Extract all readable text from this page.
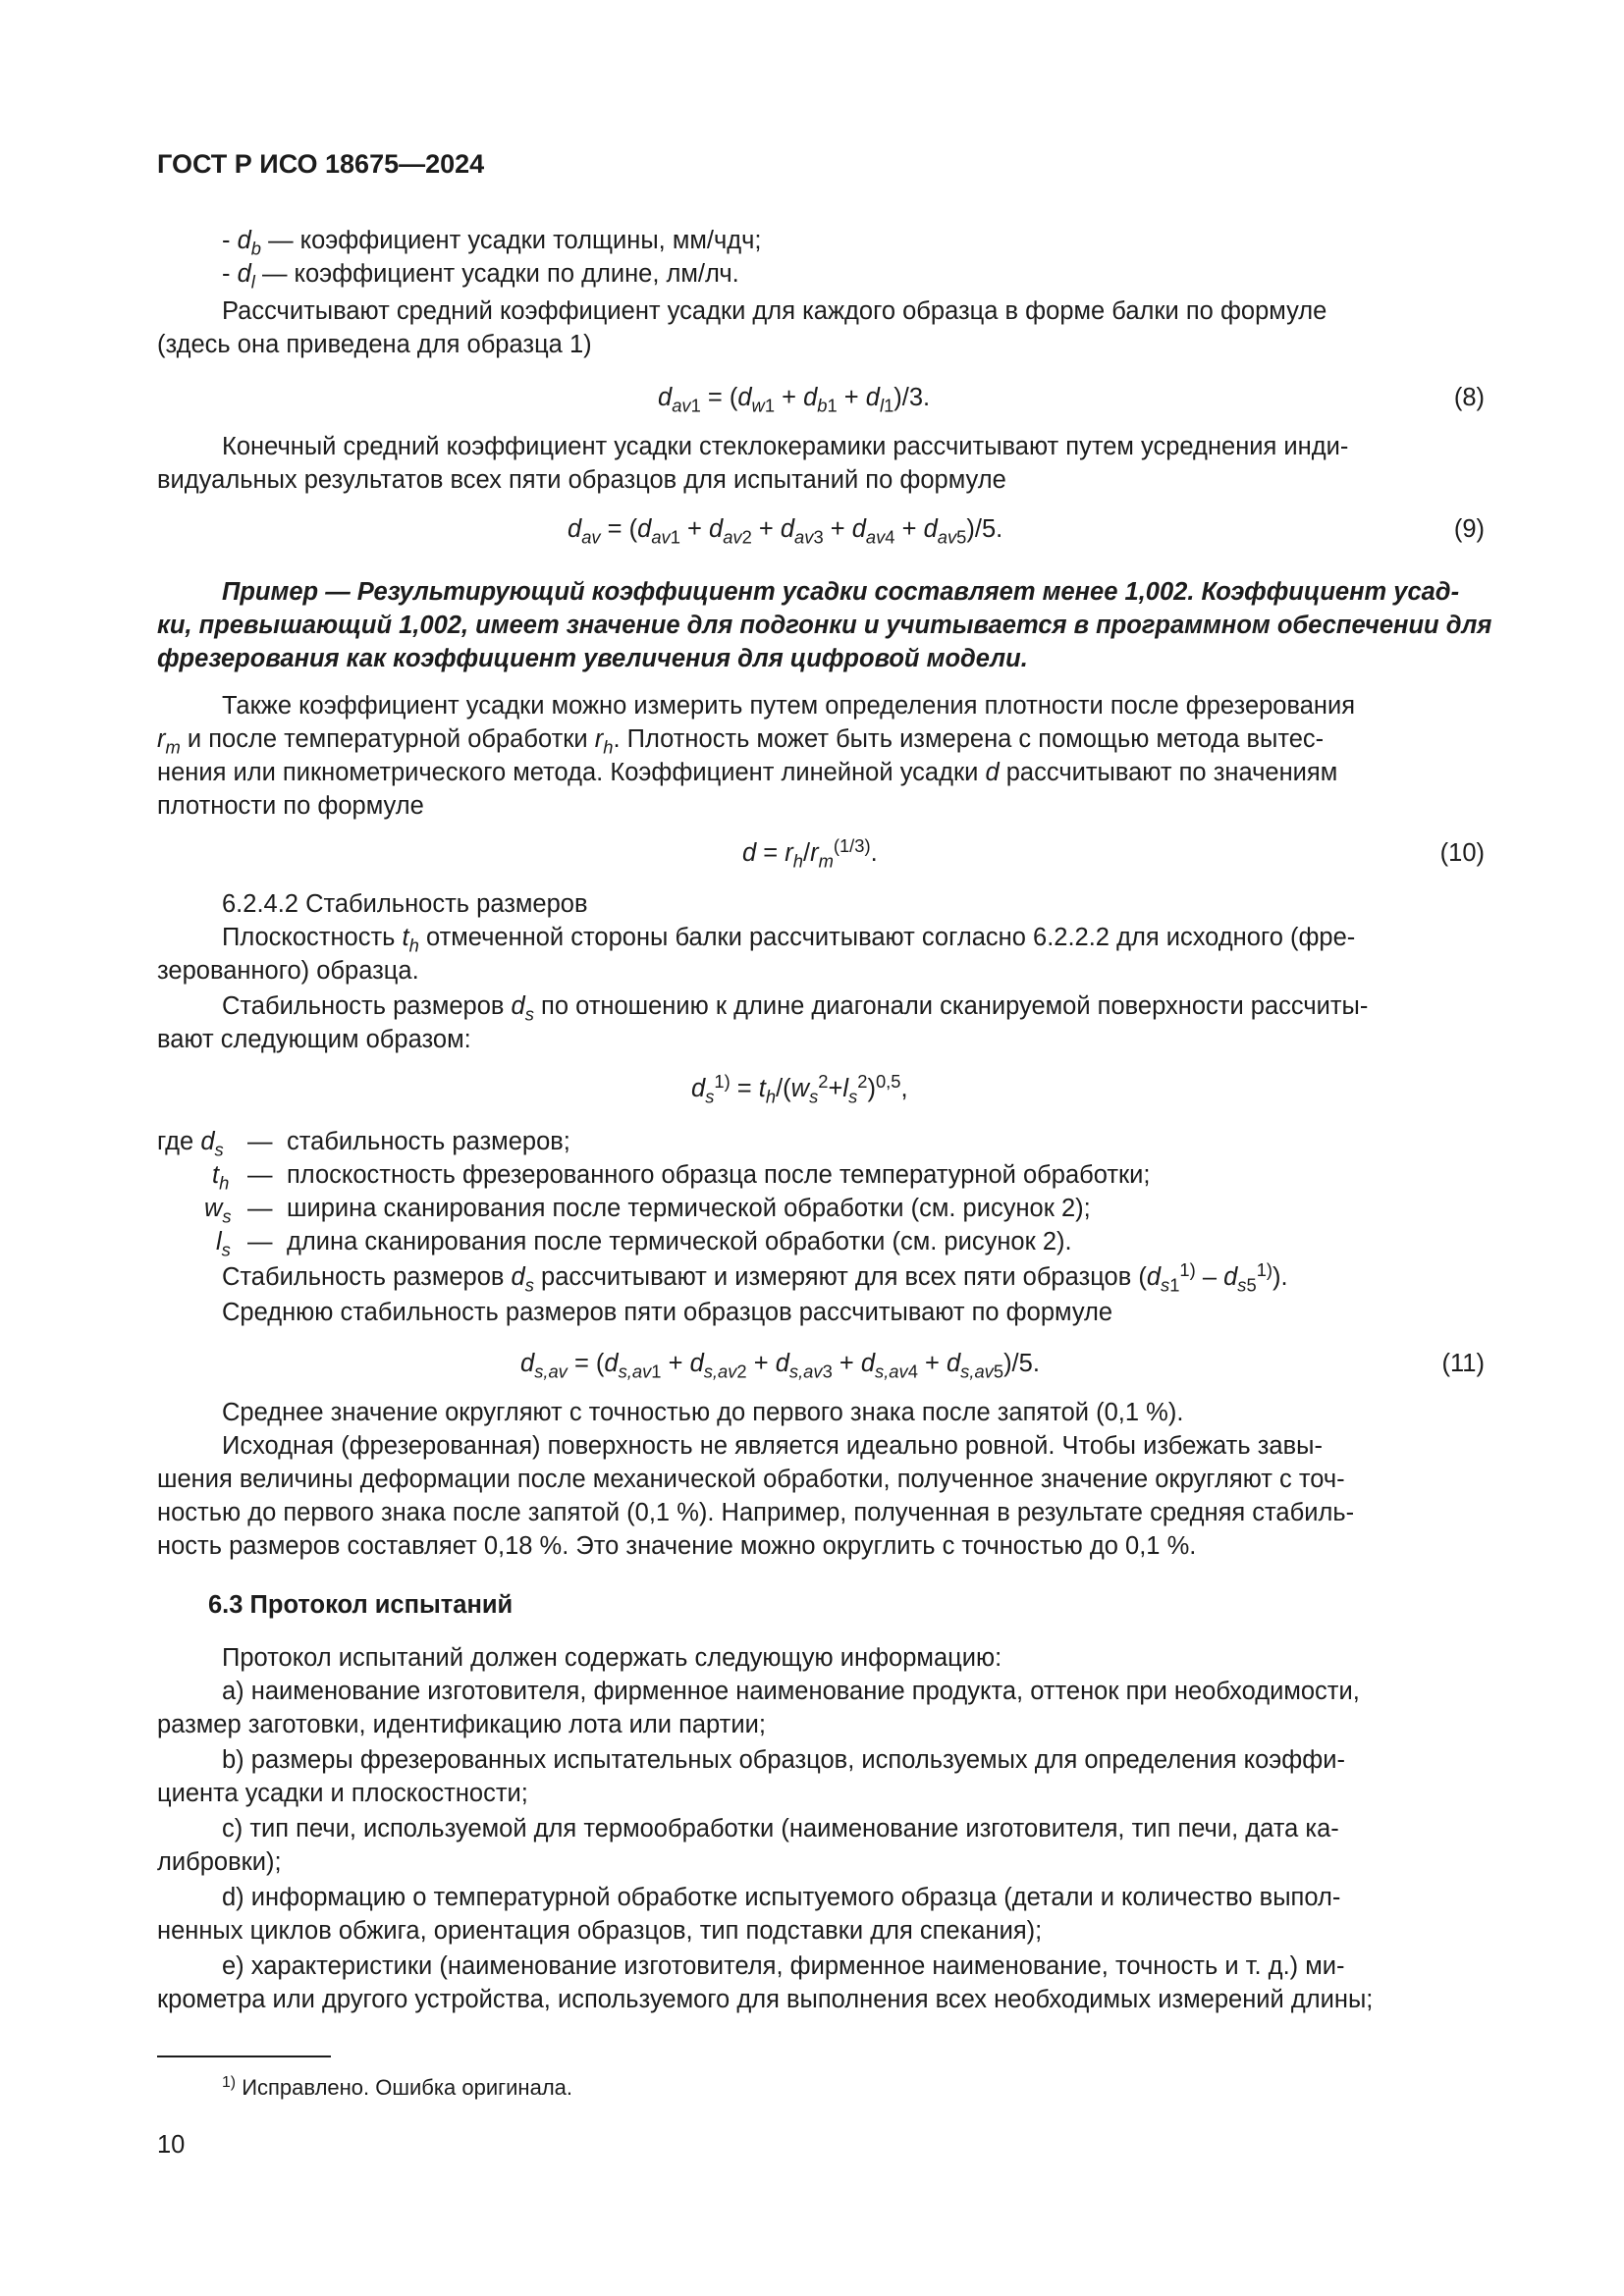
ГОСТ Р ИСО 18675—2024
- $d_b$ — коэффициент усадки толщины, мм/чдч;
- $d_l$ — коэффициент усадки по длине, лм/лч.
Рассчитывают средний коэффициент усадки для каждого образца в форме балки по формуле
(здесь она приведена для образца 1)
$d_{av1} = (d_{w1} + d_{b1} + d_{l1})/3$.	(8)
Конечный средний коэффициент усадки стеклокерамики рассчитывают путем усреднения инди-
видуальных результатов всех пяти образцов для испытаний по формуле
$d_{av} = (d_{av1} + d_{av2} + d_{av3} + d_{av4} + d_{av5})/5$.	(9)
Пример — Результирующий коэффициент усадки составляет менее 1,002. Коэффициент усад-
ки, превышающий 1,002, имеет значение для подгонки и учитывается в программном обеспечении для
фрезерования как коэффициент увеличения для цифровой модели.
Также коэффициент усадки можно измерить путем определения плотности после фрезерования
$r_m$ и после температурной обработки $r_h$. Плотность может быть измерена с помощью метода вытес-
нения или пикнометрического метода. Коэффициент линейной усадки d рассчитывают по значениям
плотности по формуле
$d = r_h/r_m^{(1/3)}$.	(10)
6.2.4.2 Стабильность размеров
Плоскостность $t_h$ отмеченной стороны балки рассчитывают согласно 6.2.2.2 для исходного (фре-
зерованного) образца.
Стабильность размеров $d_s$ по отношению к длине диагонали сканируемой поверхности рассчиты-
вают следующим образом:
$d_s^{1)} = t_h/(w_s^2+l_s^2)^{0,5}$,
где $d_s$ — стабильность размеров;
$t_h$ — плоскостность фрезерованного образца после температурной обработки;
$w_s$ — ширина сканирования после термической обработки (см. рисунок 2);
$l_s$ — длина сканирования после термической обработки (см. рисунок 2).
Стабильность размеров $d_s$ рассчитывают и измеряют для всех пяти образцов $(d_{s1}^{1)} - d_{s5}^{1)})$.
Среднюю стабильность размеров пяти образцов рассчитывают по формуле
$d_{s,av} = (d_{s,av1} + d_{s,av2} + d_{s,av3} + d_{s,av4} + d_{s,av5})/5$.	(11)
Среднее значение округляют с точностью до первого знака после запятой (0,1 %).
Исходная (фрезерованная) поверхность не является идеально ровной. Чтобы избежать завы-
шения величины деформации после механической обработки, полученное значение округляют с точ-
ностью до первого знака после запятой (0,1 %). Например, полученная в результате средняя стабиль-
ность размеров составляет 0,18 %. Это значение можно округлить с точностью до 0,1 %.
6.3 Протокол испытаний
Протокол испытаний должен содержать следующую информацию:
a) наименование изготовителя, фирменное наименование продукта, оттенок при необходимости,
размер заготовки, идентификацию лота или партии;
b) размеры фрезерованных испытательных образцов, используемых для определения коэффи-
циента усадки и плоскостности;
c) тип печи, используемой для термообработки (наименование изготовителя, тип печи, дата ка-
либровки);
d) информацию о температурной обработке испытуемого образца (детали и количество выпол-
ненных циклов обжига, ориентация образцов, тип подставки для спекания);
e) характеристики (наименование изготовителя, фирменное наименование, точность и т. д.) ми-
крометра или другого устройства, используемого для выполнения всех необходимых измерений длины;
$^{1)}$ Исправлено. Ошибка оригинала.
10
